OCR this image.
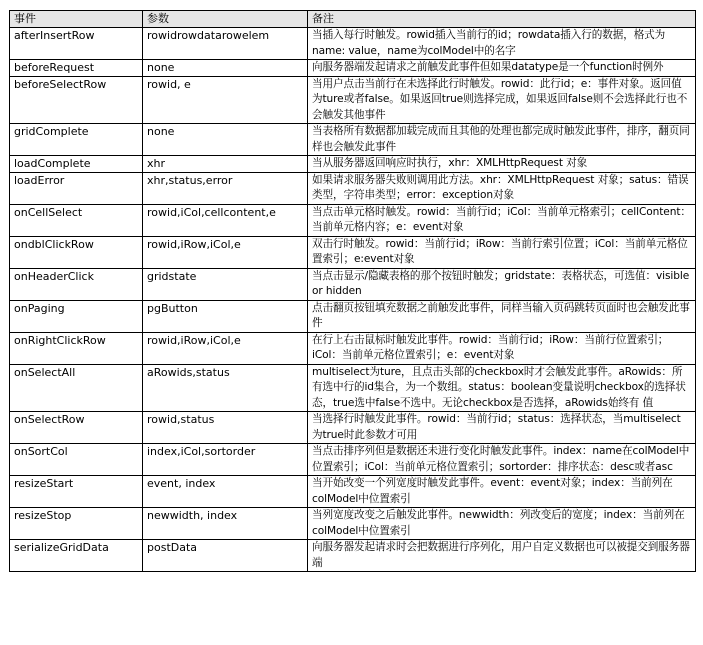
事件	参数	备注
afterInsertRow	rowidrowdatarowelem	当插入每行时触发。rowid插入当前行的id；rowdata插入行的数据，格式为name: value，name为colModel中的名字
beforeRequest	none	向服务器端发起请求之前触发此事件但如果datatype是一个function时例外
beforeSelectRow	rowid, e	当用户点击当前行在未选择此行时触发。rowid：此行id；e：事件对象。返回值为ture或者false。如果返回true则选择完成，如果返回false则不会选择此行也不会触发其他事件
gridComplete	none	当表格所有数据都加载完成而且其他的处理也都完成时触发此事件，排序，翻页同样也会触发此事件
loadComplete	xhr	当从服务器返回响应时执行，xhr：XMLHttpRequest 对象
loadError	xhr,status,error	如果请求服务器失败则调用此方法。xhr：XMLHttpRequest 对象；satus：错误类型，字符串类型；error：exception对象
onCellSelect	rowid,iCol,cellcontent,e	当点击单元格时触发。rowid：当前行id；iCol：当前单元格索引；cellContent：当前单元格内容；e：event对象
ondblClickRow	rowid,iRow,iCol,e	双击行时触发。rowid：当前行id；iRow：当前行索引位置；iCol：当前单元格位置索引；e:event对象
onHeaderClick	gridstate	当点击显示/隐藏表格的那个按钮时触发；gridstate：表格状态，可选值：visible or hidden
onPaging	pgButton	点击翻页按钮填充数据之前触发此事件，同样当输入页码跳转页面时也会触发此事件
onRightClickRow	rowid,iRow,iCol,e	在行上右击鼠标时触发此事件。rowid：当前行id；iRow：当前行位置索引；iCol：当前单元格位置索引；e：event对象
onSelectAll	aRowids,status	multiselect为ture，且点击头部的checkbox时才会触发此事件。aRowids：所有选中行的id集合，为一个数组。status：boolean变量说明checkbox的选择状态，true选中false不选中。无论checkbox是否选择，aRowids始终有 值
onSelectRow	rowid,status	当选择行时触发此事件。rowid：当前行id；status：选择状态，当multiselect 为true时此参数才可用
onSortCol	index,iCol,sortorder	当点击排序列但是数据还未进行变化时触发此事件。index：name在colModel中位置索引；iCol：当前单元格位置索引；sortorder：排序状态：desc或者asc
resizeStart	event, index	当开始改变一个列宽度时触发此事件。event：event对象；index：当前列在colModel中位置索引
resizeStop	newwidth, index	当列宽度改变之后触发此事件。newwidth：列改变后的宽度；index：当前列在colModel中位置索引
serializeGridData	postData	向服务器发起请求时会把数据进行序列化，用户自定义数据也可以被提交到服务器端
